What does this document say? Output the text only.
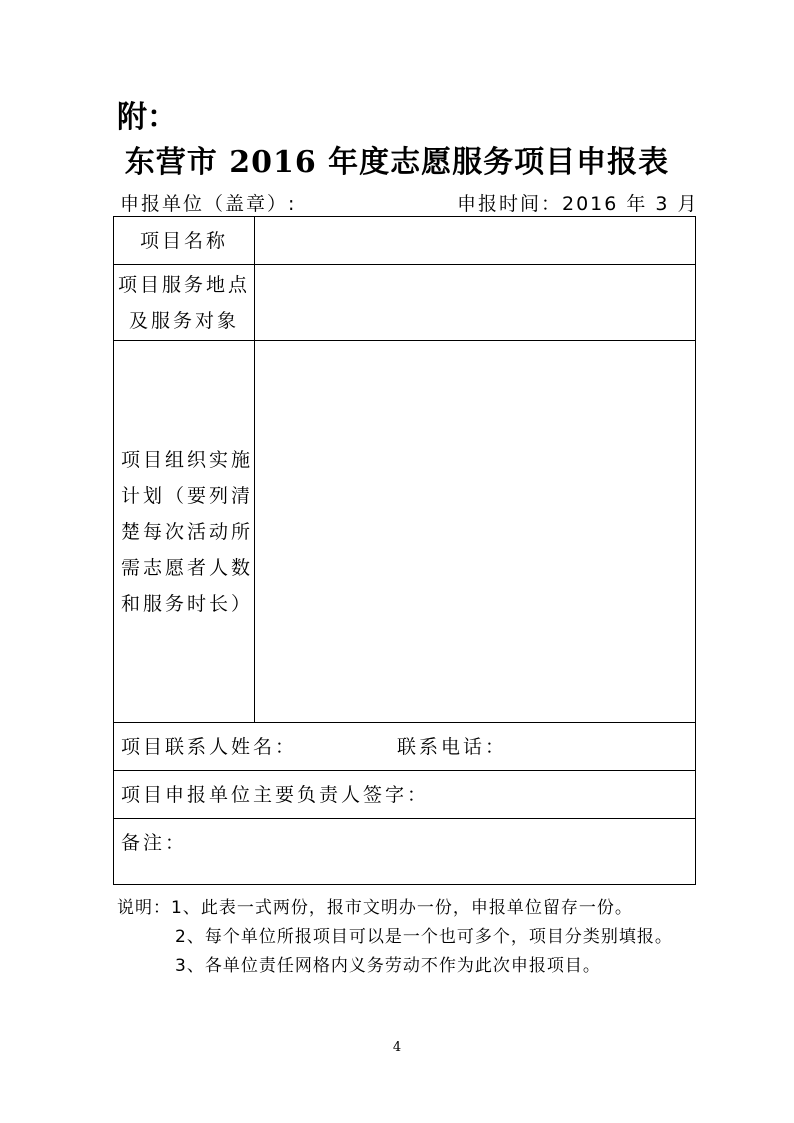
附：
东营市 2016 年度志愿服务项目申报表
申报单位（盖章）:	申报时间：2016 年 3 月
项目名称	

项目服务地点
及服务对象	

项目组织实施
计划（要列清
楚每次活动所
需志愿者人数
和服务时长）	

项目联系人姓名： 联系电话：	
项目申报单位主要负责人签字：	
备注：	
说明：1、此表一式两份，报市文明办一份，申报单位留存一份。
2、每个单位所报项目可以是一个也可多个，项目分类别填报。
3、各单位责任网格内义务劳动不作为此次申报项目。
4
